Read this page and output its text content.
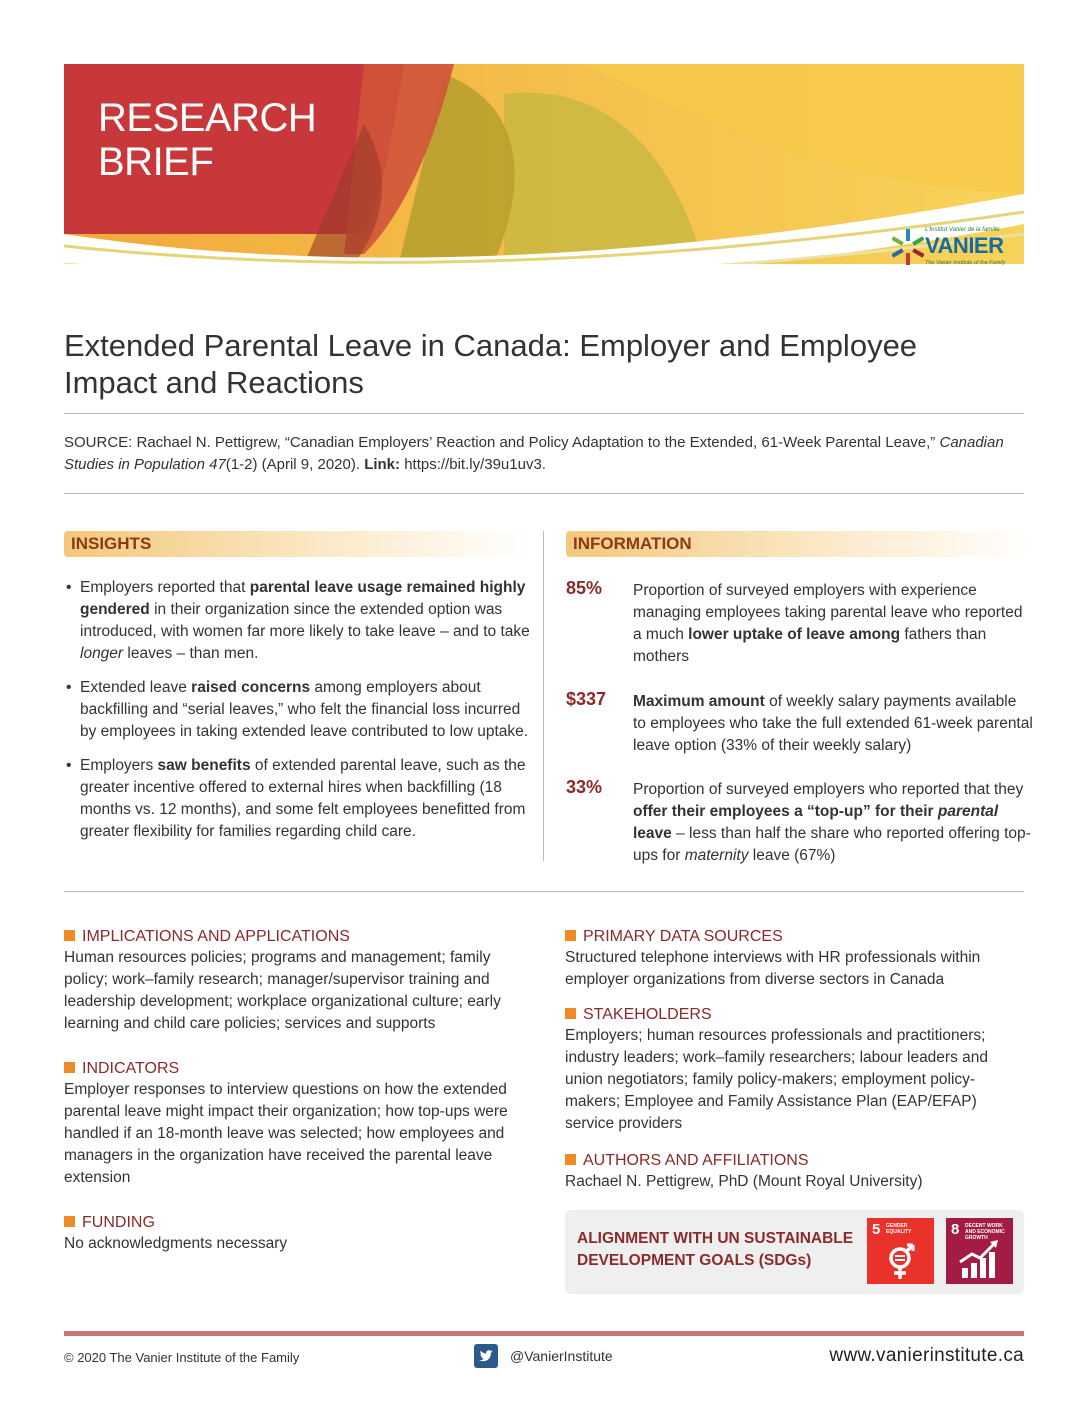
RESEARCH
BRIEF
L'Institut Vanier de la famille
VANIER
The Vanier Institute of the Family
Extended Parental Leave in Canada: Employer and Employee Impact and Reactions
SOURCE: Rachael N. Pettigrew, “Canadian Employers’ Reaction and Policy Adaptation to the Extended, 61-Week Parental Leave,” Canadian Studies in Population 47(1-2) (April 9, 2020). Link: https://bit.ly/39u1uv3.
INSIGHTS
• Employers reported that parental leave usage remained highly gendered in their organization since the extended option was introduced, with women far more likely to take leave – and to take longer leaves – than men.
• Extended leave raised concerns among employers about backfilling and “serial leaves,” who felt the financial loss incurred by employees in taking extended leave contributed to low uptake.
• Employers saw benefits of extended parental leave, such as the greater incentive offered to external hires when backfilling (18 months vs. 12 months), and some felt employees benefitted from greater flexibility for families regarding child care.
INFORMATION
85% Proportion of surveyed employers with experience managing employees taking parental leave who reported a much lower uptake of leave among fathers than mothers
$337 Maximum amount of weekly salary payments available to employees who take the full extended 61-week parental leave option (33% of their weekly salary)
33% Proportion of surveyed employers who reported that they offer their employees a “top-up” for their parental leave – less than half the share who reported offering top-ups for maternity leave (67%)
IMPLICATIONS AND APPLICATIONS
Human resources policies; programs and management; family policy; work–family research; manager/supervisor training and leadership development; workplace organizational culture; early learning and child care policies; services and supports
INDICATORS
Employer responses to interview questions on how the extended parental leave might impact their organization; how top-ups were handled if an 18-month leave was selected; how employees and managers in the organization have received the parental leave extension
FUNDING
No acknowledgments necessary
PRIMARY DATA SOURCES
Structured telephone interviews with HR professionals within employer organizations from diverse sectors in Canada
STAKEHOLDERS
Employers; human resources professionals and practitioners; industry leaders; work–family researchers; labour leaders and union negotiators; family policy-makers; employment policy-makers; Employee and Family Assistance Plan (EAP/EFAP) service providers
AUTHORS AND AFFILIATIONS
Rachael N. Pettigrew, PhD (Mount Royal University)
ALIGNMENT WITH UN SUSTAINABLE DEVELOPMENT GOALS (SDGs)
5 GENDER EQUALITY	8 DECENT WORK AND ECONOMIC GROWTH
© 2020 The Vanier Institute of the Family	@VanierInstitute	www.vanierinstitute.ca
